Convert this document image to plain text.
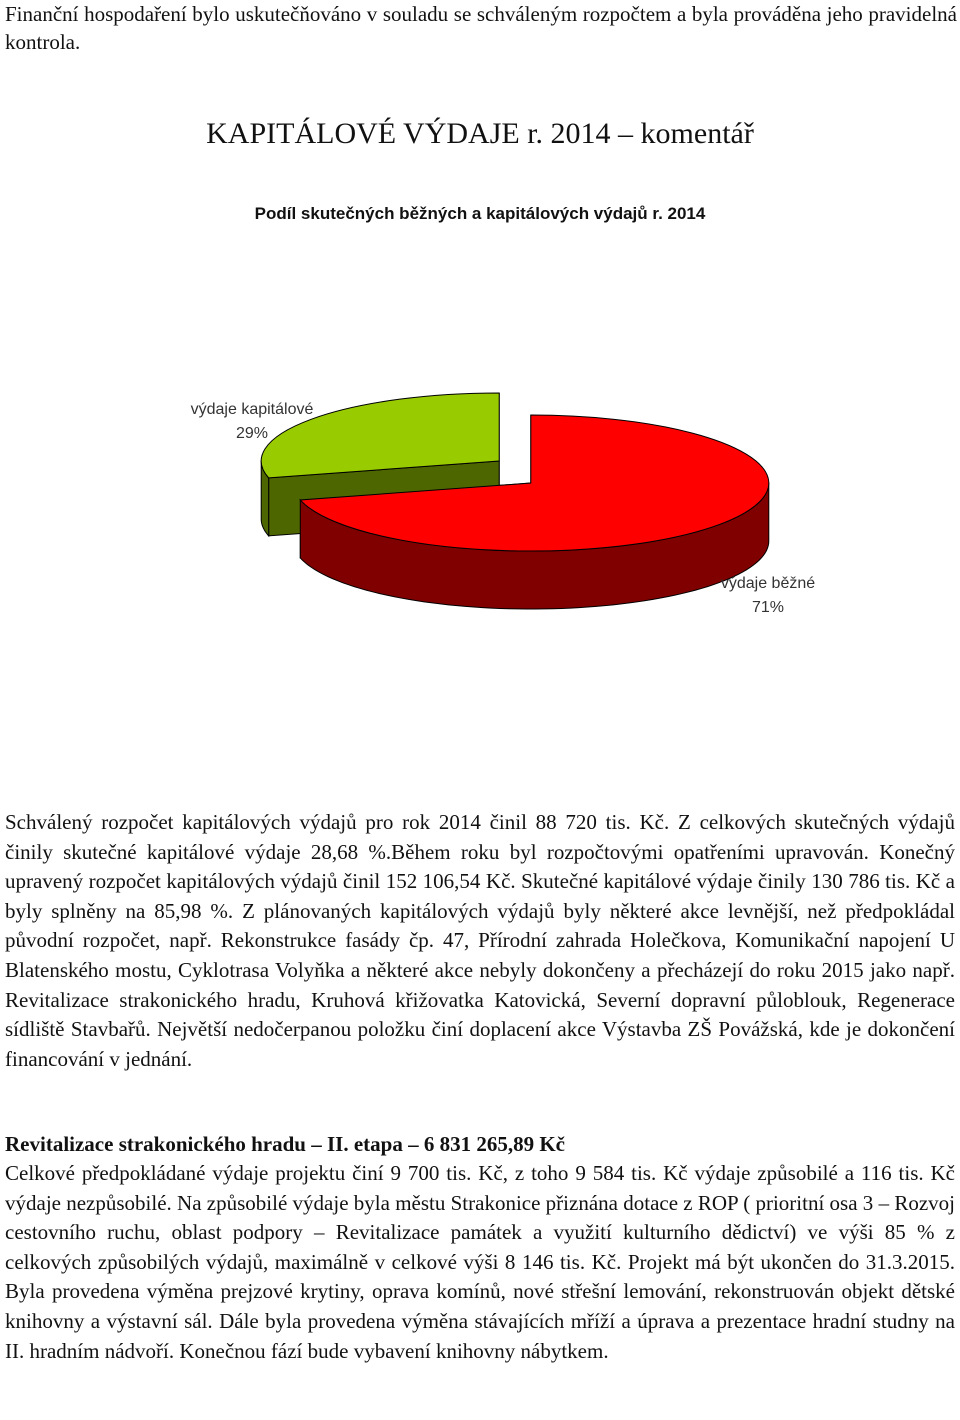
Finanční hospodaření bylo uskutečňováno v souladu se schváleným rozpočtem a byla prováděna jeho pravidelná kontrola.

KAPITÁLOVÉ VÝDAJE r. 2014 – komentář

Podíl skutečných běžných a kapitálových výdajů r. 2014

výdaje kapitálové
29%
výdaje běžné
71%

Schválený rozpočet kapitálových výdajů pro rok 2014 činil 88 720 tis. Kč. Z celkových skutečných výdajů činily skutečné kapitálové výdaje 28,68 %.Během roku byl rozpočtovými opatřeními upravován. Konečný upravený rozpočet kapitálových výdajů činil 152 106,54 Kč. Skutečné kapitálové výdaje činily 130 786 tis. Kč a byly splněny na 85,98 %. Z plánovaných kapitálových výdajů byly některé akce levnější, než předpokládal původní rozpočet, např. Rekonstrukce fasády čp. 47, Přírodní zahrada Holečkova, Komunikační napojení U Blatenského mostu, Cyklotrasa Volyňka a některé akce nebyly dokončeny a přecházejí do roku 2015 jako např. Revitalizace strakonického hradu, Kruhová křižovatka Katovická, Severní dopravní půloblouk, Regenerace sídliště Stavbařů. Největší nedočerpanou položku činí doplacení akce Výstavba ZŠ Povážská, kde je dokončení financování v jednání.

Revitalizace strakonického hradu – II. etapa – 6 831 265,89 Kč

Celkové předpokládané výdaje projektu činí 9 700 tis. Kč, z toho 9 584 tis. Kč výdaje způsobilé a 116 tis. Kč výdaje nezpůsobilé. Na způsobilé výdaje byla městu Strakonice přiznána dotace z ROP ( prioritní osa 3 – Rozvoj cestovního ruchu, oblast podpory – Revitalizace památek a využití kulturního dědictví) ve výši 85 % z celkových způsobilých výdajů, maximálně v celkové výši 8 146 tis. Kč. Projekt má být ukončen do 31.3.2015. Byla provedena výměna prejzové krytiny, oprava komínů, nové střešní lemování, rekonstruován objekt dětské knihovny a výstavní sál. Dále byla provedena výměna stávajících mříží a úprava a prezentace hradní studny na II. hradním nádvoří. Konečnou fází bude vybavení knihovny nábytkem.
